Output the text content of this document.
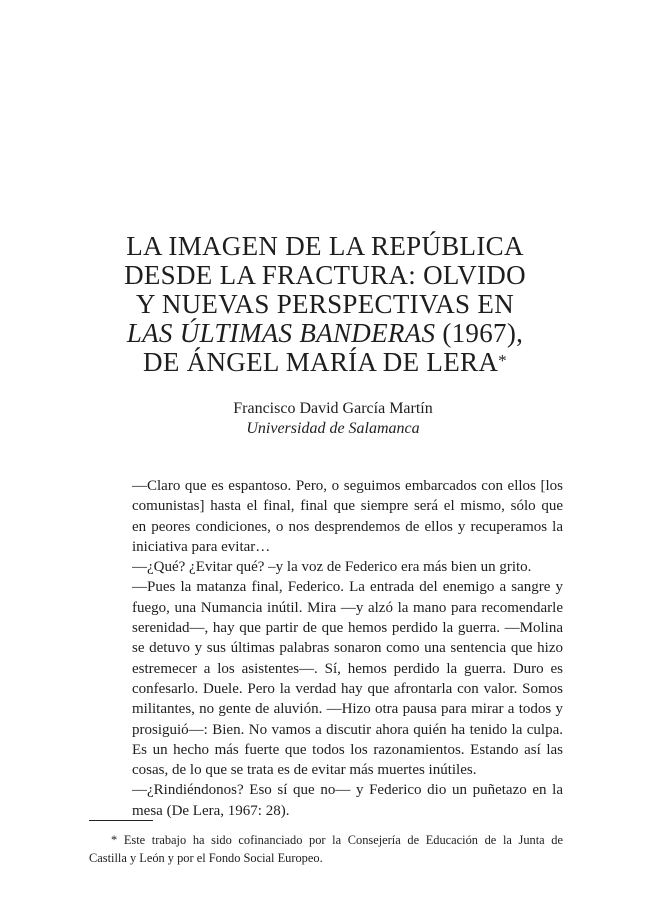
LA IMAGEN DE LA REPÚBLICA
DESDE LA FRACTURA: OLVIDO
Y NUEVAS PERSPECTIVAS EN
LAS ÚLTIMAS BANDERAS (1967),
DE ÁNGEL MARÍA DE LERA*
Francisco David García Martín
Universidad de Salamanca
—Claro que es espantoso. Pero, o seguimos embarcados con ellos [los
comunistas] hasta el final, final que siempre será el mismo, sólo que
en peores condiciones, o nos desprendemos de ellos y recuperamos la
iniciativa para evitar…
—¿Qué? ¿Evitar qué? –y la voz de Federico era más bien un grito.
—Pues la matanza final, Federico. La entrada del enemigo a sangre y
fuego, una Numancia inútil. Mira —y alzó la mano para recomendarle
serenidad—, hay que partir de que hemos perdido la guerra. —Molina
se detuvo y sus últimas palabras sonaron como una sentencia que hizo
estremecer a los asistentes—. Sí, hemos perdido la guerra. Duro es
confesarlo. Duele. Pero la verdad hay que afrontarla con valor. Somos
militantes, no gente de aluvión. —Hizo otra pausa para mirar a todos y
prosiguió—: Bien. No vamos a discutir ahora quién ha tenido la culpa.
Es un hecho más fuerte que todos los razonamientos. Estando así las
cosas, de lo que se trata es de evitar más muertes inútiles.
—¿Rindiéndonos? Eso sí que no— y Federico dio un puñetazo en la
mesa (De Lera, 1967: 28).
* Este trabajo ha sido cofinanciado por la Consejería de Educación de la Junta de
Castilla y León y por el Fondo Social Europeo.
